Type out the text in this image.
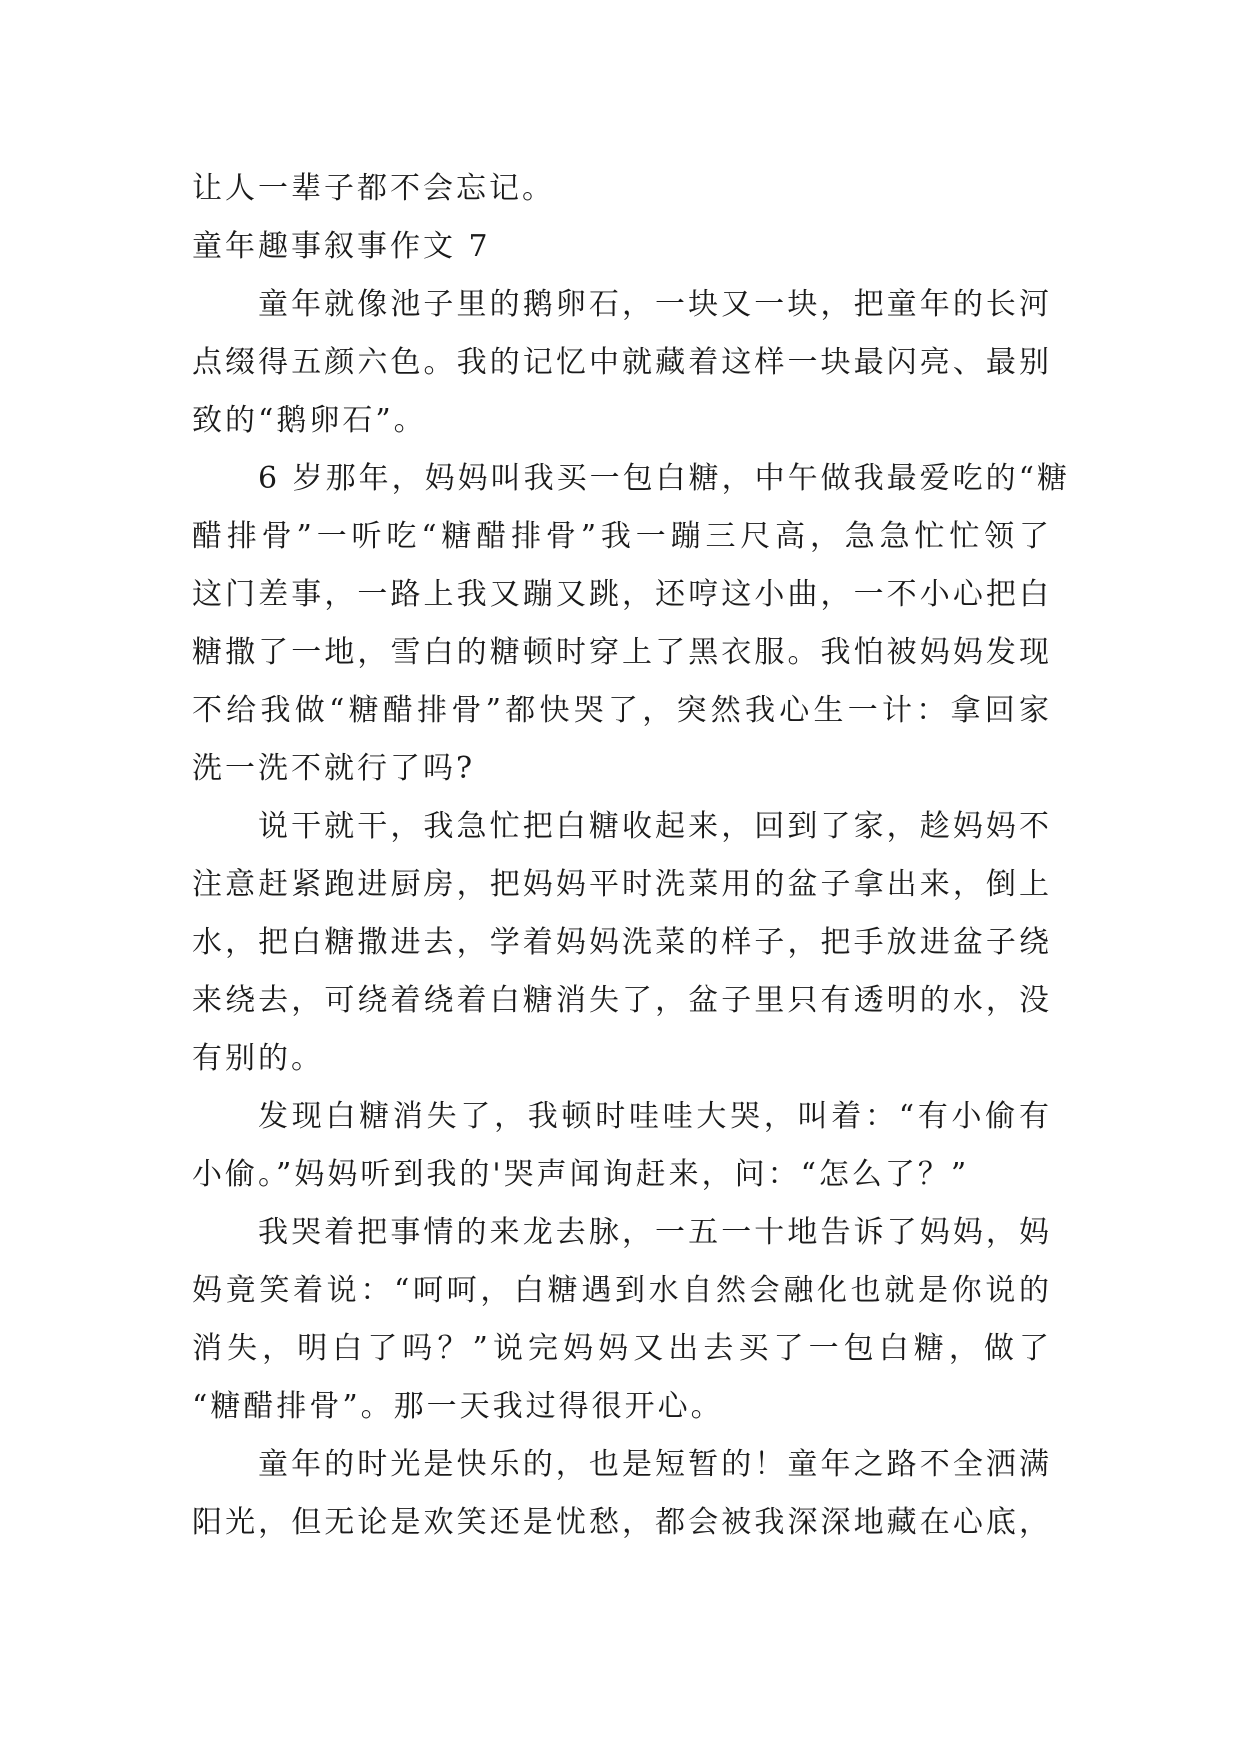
让人一辈子都不会忘记。
童年趣事叙事作文 7
童年就像池子里的鹅卵石，一块又一块，把童年的长河
点缀得五颜六色。我的记忆中就藏着这样一块最闪亮、最别
致的“鹅卵石”。
6 岁那年，妈妈叫我买一包白糖，中午做我最爱吃的“糖
醋排骨”一听吃“糖醋排骨”我一蹦三尺高，急急忙忙领了
这门差事，一路上我又蹦又跳，还哼这小曲，一不小心把白
糖撒了一地，雪白的糖顿时穿上了黑衣服。我怕被妈妈发现
不给我做“糖醋排骨”都快哭了，突然我心生一计：拿回家
洗一洗不就行了吗?
说干就干，我急忙把白糖收起来，回到了家，趁妈妈不
注意赶紧跑进厨房，把妈妈平时洗菜用的盆子拿出来，倒上
水，把白糖撒进去，学着妈妈洗菜的样子，把手放进盆子绕
来绕去，可绕着绕着白糖消失了，盆子里只有透明的水，没
有别的。
发现白糖消失了，我顿时哇哇大哭，叫着：“有小偷有
小偷。”妈妈听到我的'哭声闻询赶来，问：“怎么了？”
我哭着把事情的来龙去脉，一五一十地告诉了妈妈，妈
妈竟笑着说：“呵呵，白糖遇到水自然会融化也就是你说的
消失，明白了吗？”说完妈妈又出去买了一包白糖，做了
“糖醋排骨”。那一天我过得很开心。
童年的时光是快乐的，也是短暂的！童年之路不全洒满
阳光，但无论是欢笑还是忧愁，都会被我深深地藏在心底，
